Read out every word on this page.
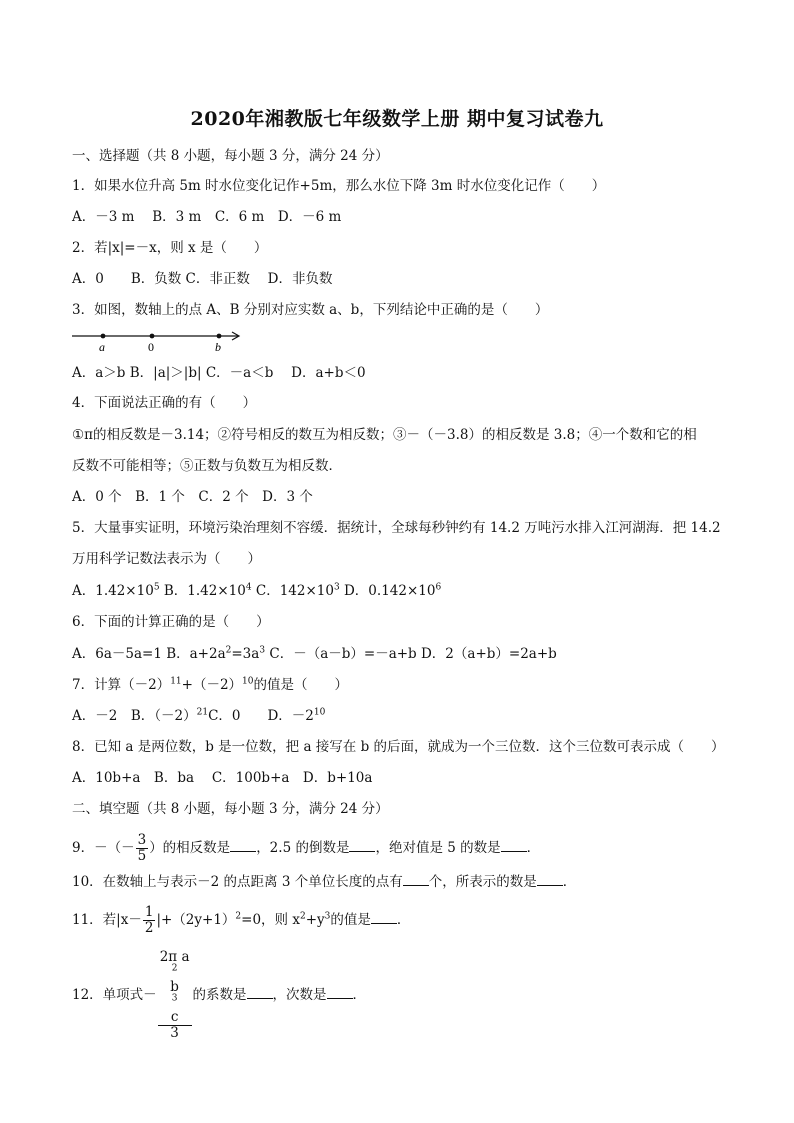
2020年湘教版七年级数学上册 期中复习试卷九
一、选择题（共 8 小题，每小题 3 分，满分 24 分）
1．如果水位升高 5m 时水位变化记作+5m，那么水位下降 3m 时水位变化记作（　　）
A．－3 m　 B．3 m　C．6 m　D．－6 m
2．若|x|=－x，则 x 是（　　）
A．0　　B．负数 C．非正数　 D．非负数
3．如图，数轴上的点 A、B 分别对应实数 a、b，下列结论中正确的是（　　）
a	0	b
A．a＞b B．|a|＞|b| C．－a＜b　 D．a+b＜0
4．下面说法正确的有（　　）
①π的相反数是－3.14；②符号相反的数互为相反数；③－（－3.8）的相反数是 3.8；④一个数和它的相
反数不可能相等；⑤正数与负数互为相反数．
A．0 个　B．1 个　C．2 个　D．3 个
5．大量事实证明，环境污染治理刻不容缓．据统计，全球每秒钟约有 14.2 万吨污水排入江河湖海．把 14.2
万用科学记数法表示为（　　）
A．$1.42\times 10^5$ B．$1.42\times 10^4$ C．$142\times 10^3$ D．$0.142\times 10^6$
6．下面的计算正确的是（　　）
A．6a－5a=1 B．$a+2a^2=3a^3$ C．－（a－b）=－a+b D．2（a+b）=2a+b
7．计算$(-2)^{11}+(-2)^{10}$的值是（　　）
A．－2　B．$(-2)^{21}C$．0　　D．$-2^{10}$
8．已知 a 是两位数，b 是一位数，把 a 接写在 b 的后面，就成为一个三位数．这个三位数可表示成（　　）
A．10b+a　B．ba　 C．100b+a　D．b+10a
二、填空题（共 8 小题，每小题 3 分，满分 24 分）
9．－（－ $\frac{3}{5}$ ）的相反数是 ，2.5 的倒数是 ，绝对值是 5 的数是 ．
10．在数轴上与表示－2 的点距离 3 个单位长度的点有 个，所表示的数是 ．
11．若$|x- \frac{1}{2} |+(2y+1)^2=0$，则 $x^2+y^3$的值是 ．
12．单项式－ 2π a
$^2$
b
$^3$
c
3 的系数是 ，次数是 ．
